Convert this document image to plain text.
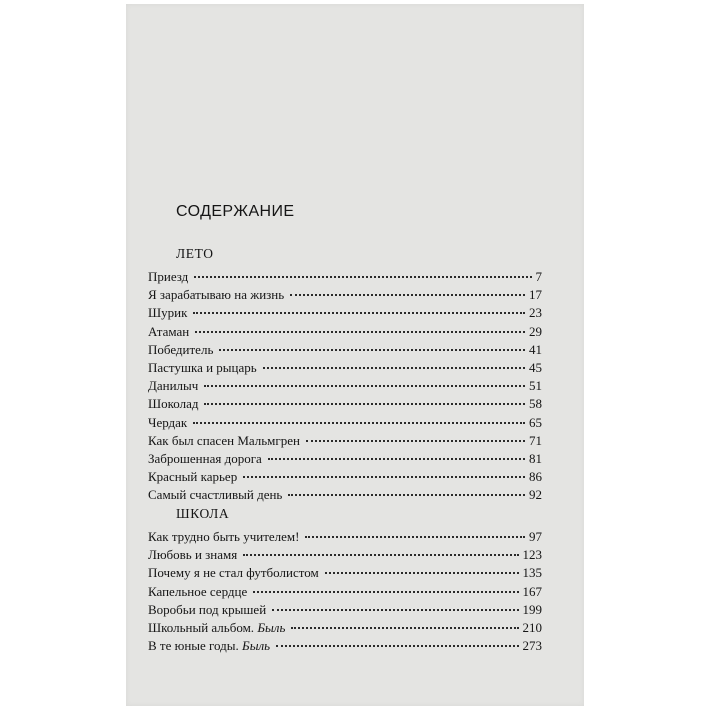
СОДЕРЖАНИЕ
ЛЕТО
Приезд	7
Я зарабатываю на жизнь	17
Шурик	23
Атаман	29
Победитель	41
Пастушка и рыцарь	45
Данилыч	51
Шоколад	58
Чердак	65
Как был спасен Мальмгрен	71
Заброшенная дорога	81
Красный карьер	86
Самый счастливый день	92
ШКОЛА
Как трудно быть учителем!	97
Любовь и знамя	123
Почему я не стал футболистом	135
Капельное сердце	167
Воробьи под крышей	199
Школьный альбом. Быль	210
В те юные годы. Быль	273
